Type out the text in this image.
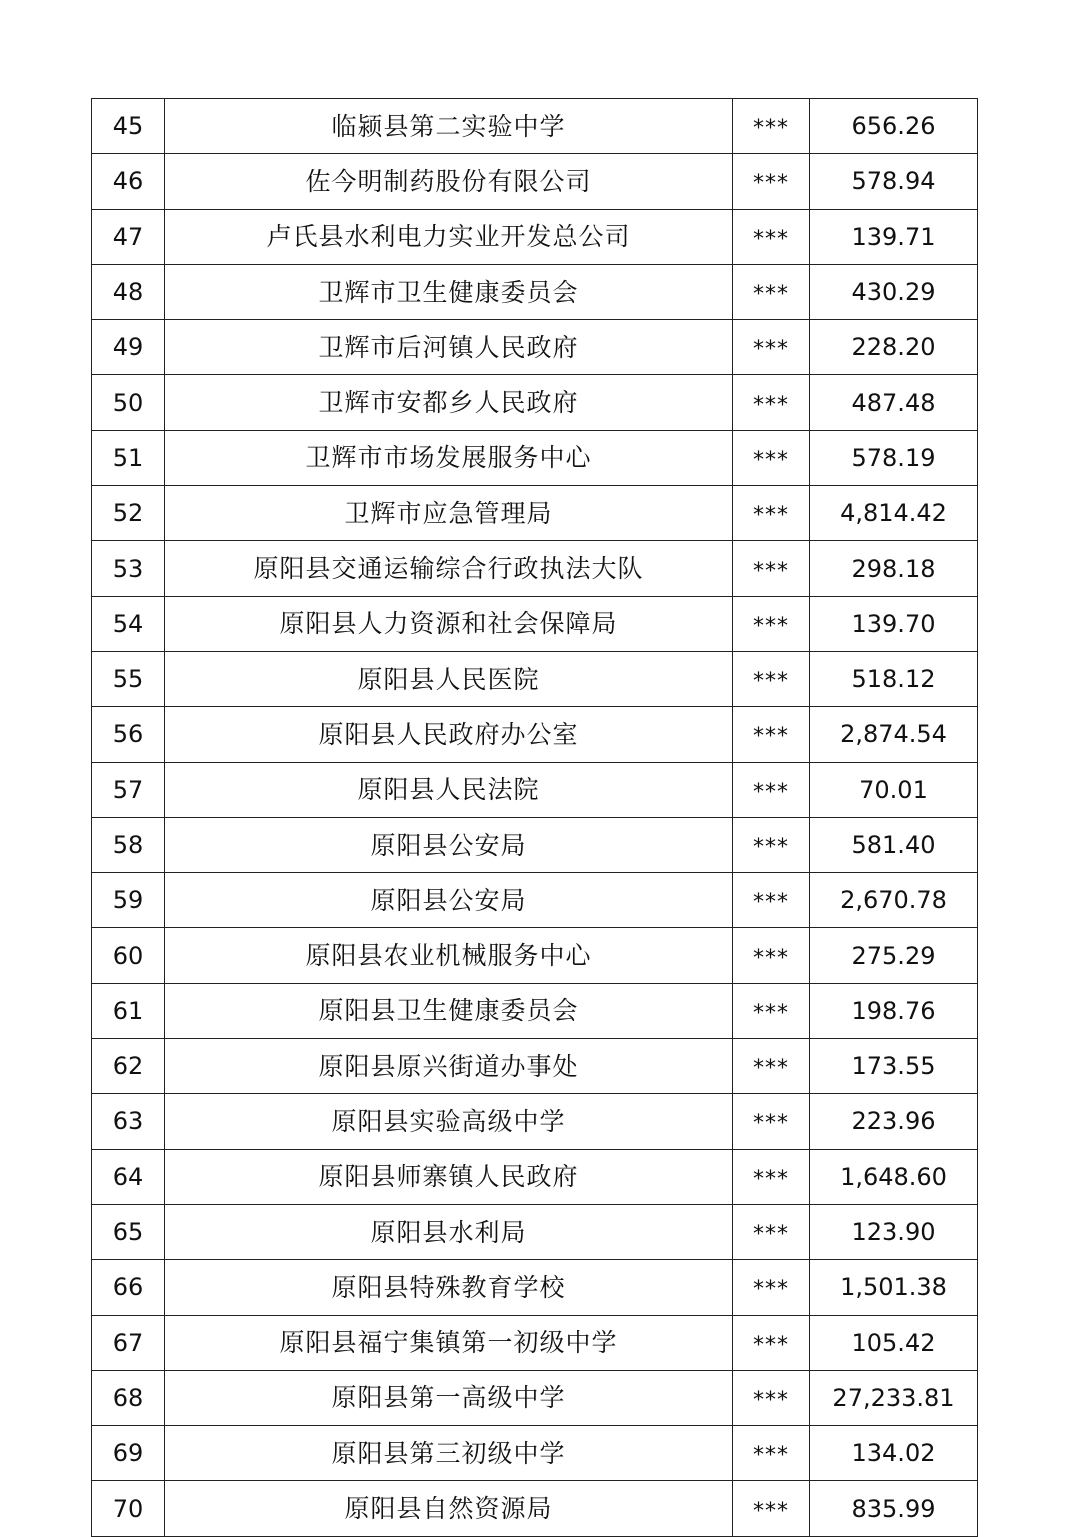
45	临颍县第二实验中学	***	656.26
46	佐今明制药股份有限公司	***	578.94
47	卢氏县水利电力实业开发总公司	***	139.71
48	卫辉市卫生健康委员会	***	430.29
49	卫辉市后河镇人民政府	***	228.20
50	卫辉市安都乡人民政府	***	487.48
51	卫辉市市场发展服务中心	***	578.19
52	卫辉市应急管理局	***	4,814.42
53	原阳县交通运输综合行政执法大队	***	298.18
54	原阳县人力资源和社会保障局	***	139.70
55	原阳县人民医院	***	518.12
56	原阳县人民政府办公室	***	2,874.54
57	原阳县人民法院	***	70.01
58	原阳县公安局	***	581.40
59	原阳县公安局	***	2,670.78
60	原阳县农业机械服务中心	***	275.29
61	原阳县卫生健康委员会	***	198.76
62	原阳县原兴街道办事处	***	173.55
63	原阳县实验高级中学	***	223.96
64	原阳县师寨镇人民政府	***	1,648.60
65	原阳县水利局	***	123.90
66	原阳县特殊教育学校	***	1,501.38
67	原阳县福宁集镇第一初级中学	***	105.42
68	原阳县第一高级中学	***	27,233.81
69	原阳县第三初级中学	***	134.02
70	原阳县自然资源局	***	835.99
